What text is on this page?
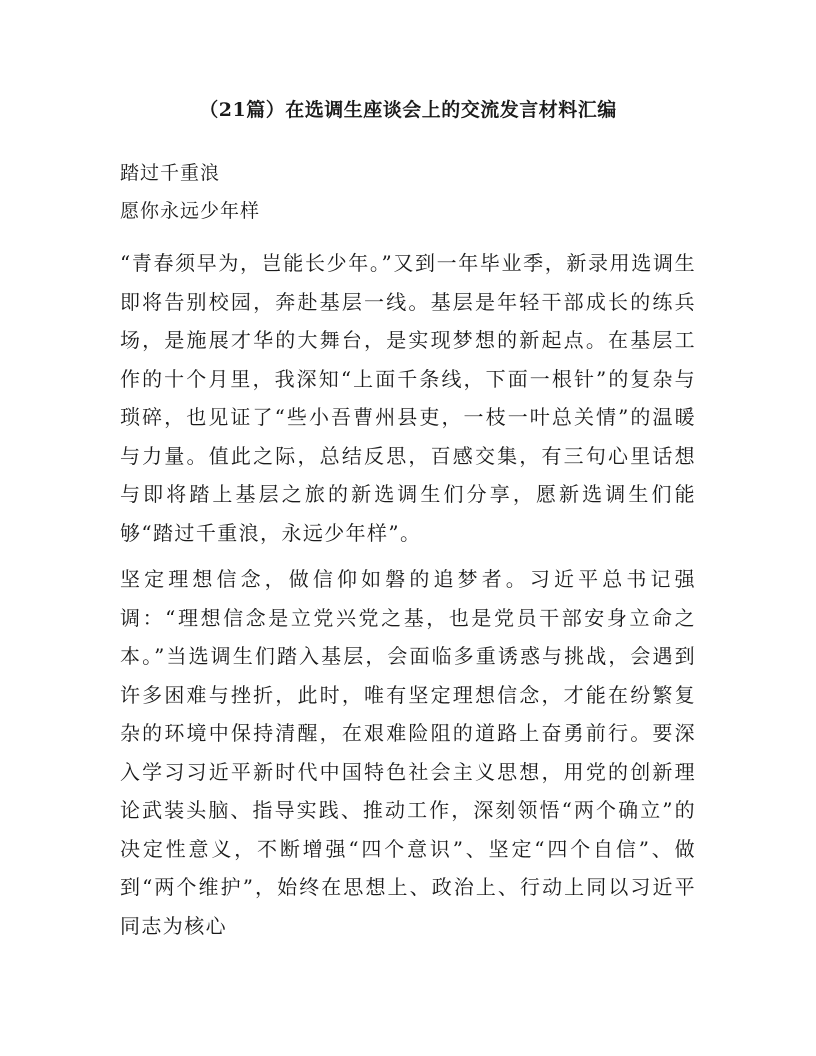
（21篇）在选调生座谈会上的交流发言材料汇编

踏过千重浪

愿你永远少年样

“青春须早为，岂能长少年。”又到一年毕业季，新录用选调生即将告别校园，奔赴基层一线。基层是年轻干部成长的练兵场，是施展才华的大舞台，是实现梦想的新起点。在基层工作的十个月里，我深知“上面千条线，下面一根针”的复杂与琐碎，也见证了“些小吾曹州县吏，一枝一叶总关情”的温暖与力量。值此之际，总结反思，百感交集，有三句心里话想与即将踏上基层之旅的新选调生们分享，愿新选调生们能够“踏过千重浪，永远少年样”。

坚定理想信念，做信仰如磐的追梦者。习近平总书记强调：“理想信念是立党兴党之基，也是党员干部安身立命之本。”当选调生们踏入基层，会面临多重诱惑与挑战，会遇到许多困难与挫折，此时，唯有坚定理想信念，才能在纷繁复杂的环境中保持清醒，在艰难险阻的道路上奋勇前行。要深入学习习近平新时代中国特色社会主义思想，用党的创新理论武装头脑、指导实践、推动工作，深刻领悟“两个确立”的决定性意义，不断增强“四个意识”、坚定“四个自信”、做到“两个维护”，始终在思想上、政治上、行动上同以习近平同志为核心
